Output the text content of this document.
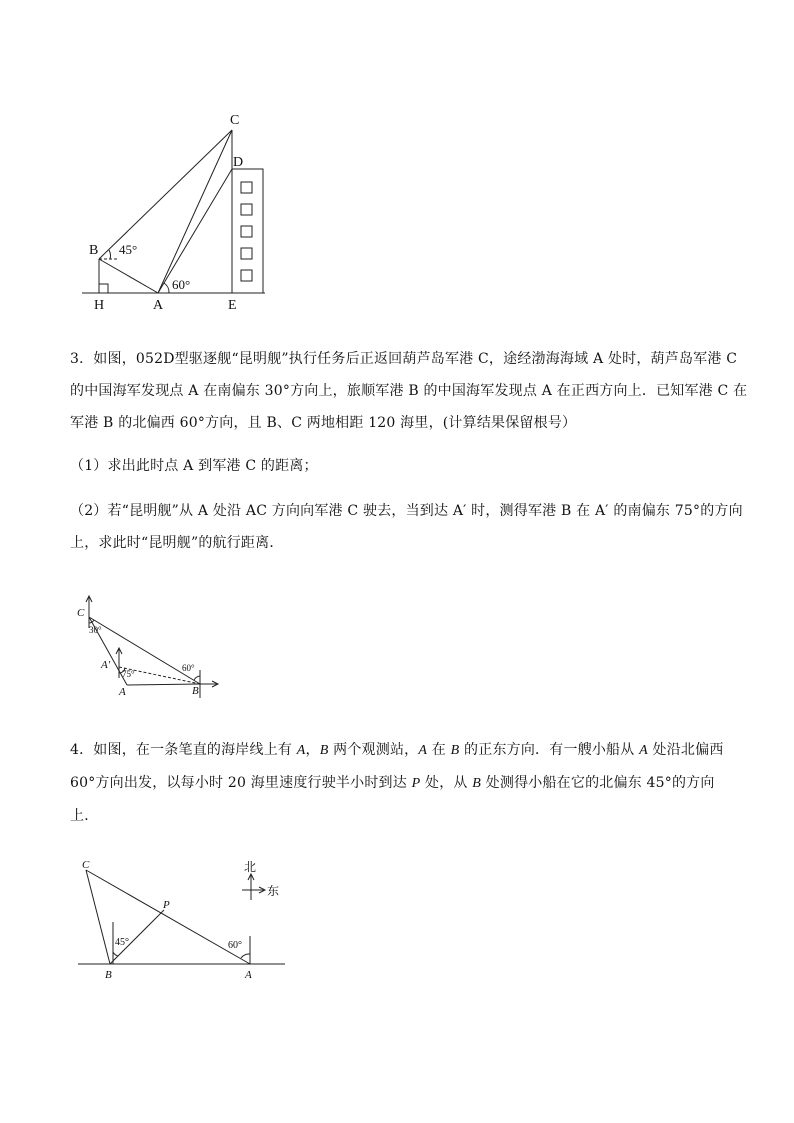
C
D
B
H	A	E
45°
60°

3．如图，052D型驱逐舰“昆明舰”执行任务后正返回葫芦岛军港 C，途经渤海海域 A 处时，葫芦岛军港 C
的中国海军发现点 A 在南偏东 30°方向上，旅顺军港 B 的中国海军发现点 A 在正西方向上．已知军港 C 在
军港 B 的北偏西 60°方向，且 B、C 两地相距 120 海里，(计算结果保留根号）

（1）求出此时点 A 到军港 C 的距离；

（2）若“昆明舰”从 A 处沿 AC 方向向军港 C 驶去，当到达 A′ 时，测得军港 B 在 A′ 的南偏东 75°的方向
上，求此时“昆明舰”的航行距离．

C
30°
A′
75°
A
60°
B

4．如图，在一条笔直的海岸线上有 A，B 两个观测站，A 在 B 的正东方向．有一艘小船从 A 处沿北偏西
60°方向出发，以每小时 20 海里速度行驶半小时到达 P 处，从 B 处测得小船在它的北偏东 45°的方向
上．

C
P
B	A
45°	60°
北
东
